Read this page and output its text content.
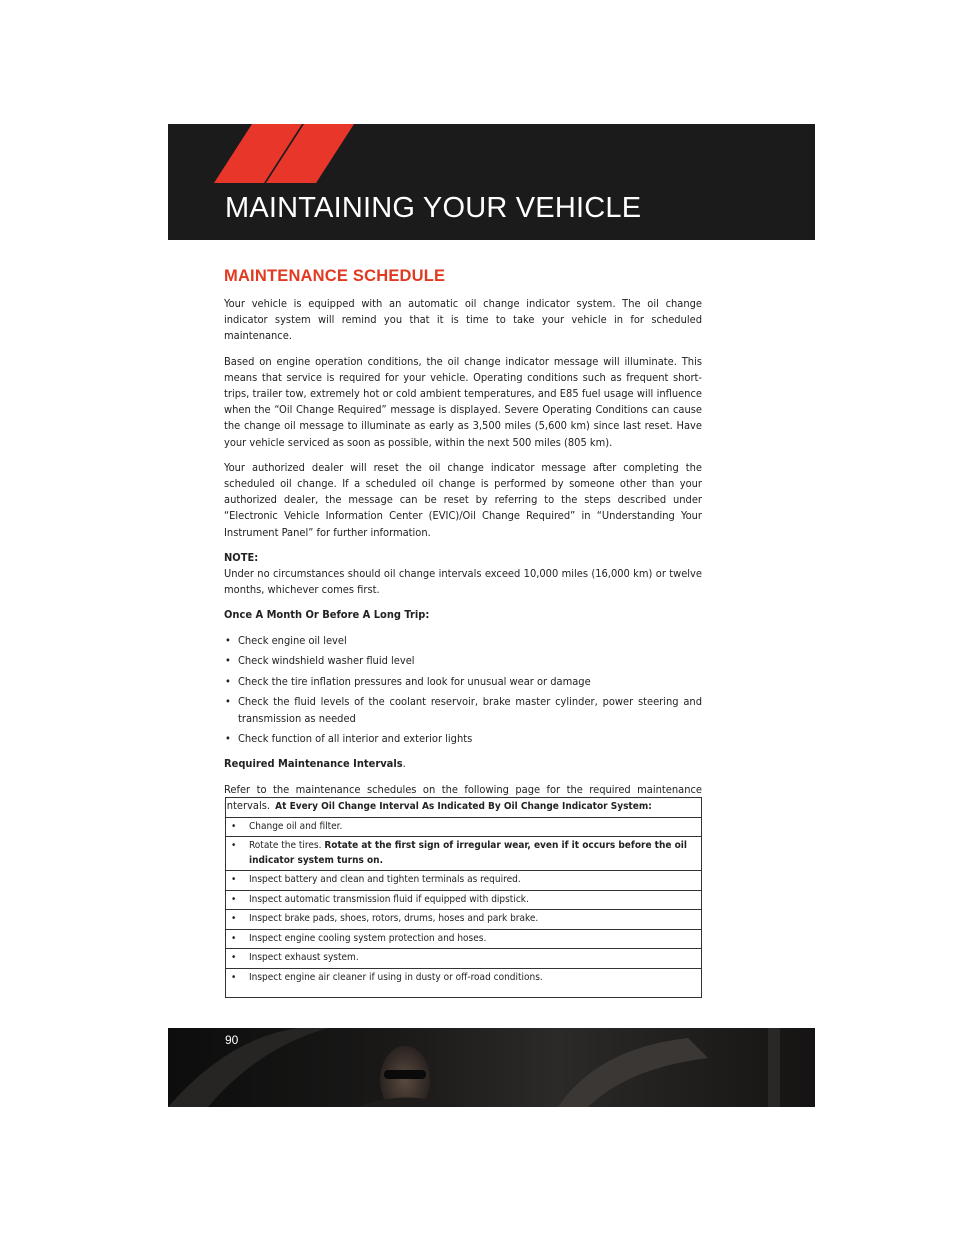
MAINTAINING YOUR VEHICLE
MAINTENANCE SCHEDULE

Your vehicle is equipped with an automatic oil change indicator system. The oil change indicator system will remind you that it is time to take your vehicle in for scheduled maintenance.

Based on engine operation conditions, the oil change indicator message will illuminate. This means that service is required for your vehicle. Operating conditions such as frequent short-trips, trailer tow, extremely hot or cold ambient temperatures, and E85 fuel usage will influence when the “Oil Change Required” message is displayed. Severe Operating Conditions can cause the change oil message to illuminate as early as 3,500 miles (5,600 km) since last reset. Have your vehicle serviced as soon as possible, within the next 500 miles (805 km).

Your authorized dealer will reset the oil change indicator message after completing the scheduled oil change. If a scheduled oil change is performed by someone other than your authorized dealer, the message can be reset by referring to the steps described under “Electronic Vehicle Information Center (EVIC)/Oil Change Required” in “Understanding Your Instrument Panel” for further information.

NOTE:

Under no circumstances should oil change intervals exceed 10,000 miles (16,000 km) or twelve months, whichever comes first.

Once A Month Or Before A Long Trip:

• Check engine oil level
• Check windshield washer fluid level
• Check the tire inflation pressures and look for unusual wear or damage
• Check the fluid levels of the coolant reservoir, brake master cylinder, power steering and transmission as needed
• Check function of all interior and exterior lights

Required Maintenance Intervals.

Refer to the maintenance schedules on the following page for the required maintenance intervals. At Every Oil Change Interval As Indicated By Oil Change Indicator System:

• Change oil and filter.

• Rotate the tires. Rotate at the first sign of irregular wear, even if it occurs before the oil indicator system turns on.

• Inspect battery and clean and tighten terminals as required.

• Inspect automatic transmission fluid if equipped with dipstick.

• Inspect brake pads, shoes, rotors, drums, hoses and park brake.

• Inspect engine cooling system protection and hoses.

• Inspect exhaust system.

• Inspect engine air cleaner if using in dusty or off-road conditions.
90
